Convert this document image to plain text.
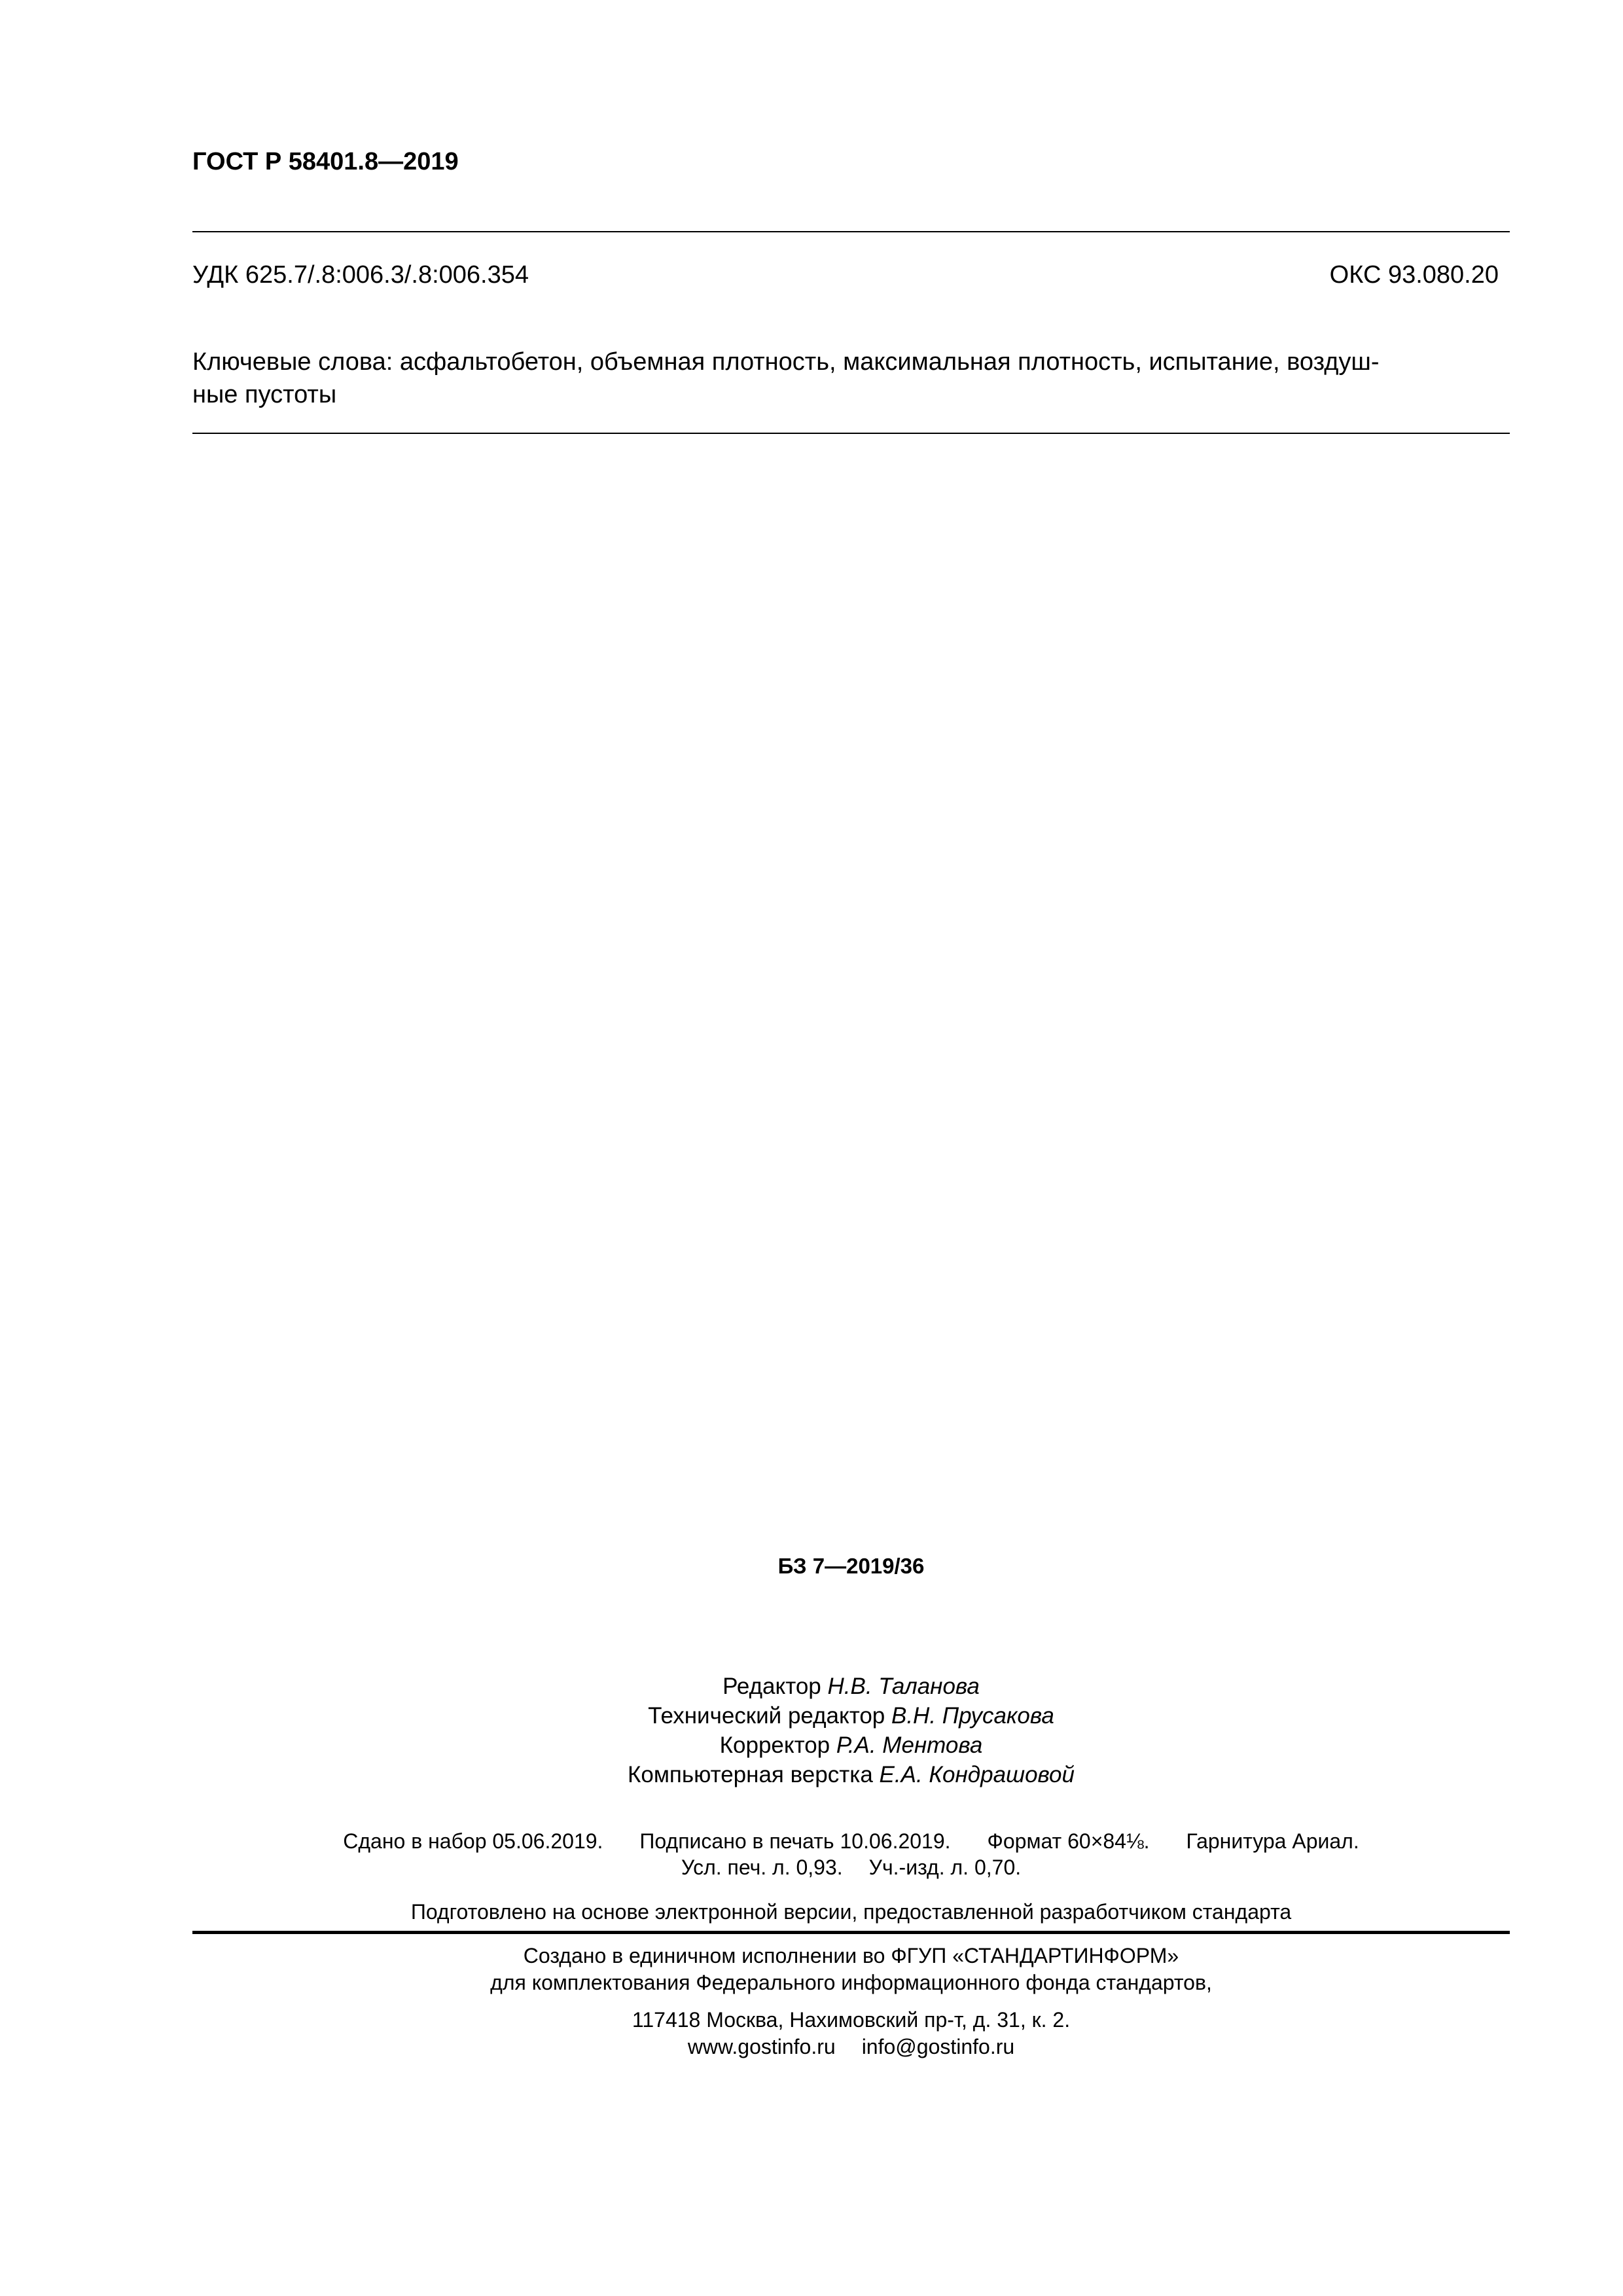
ГОСТ Р 58401.8—2019
УДК 625.7/.8:006.3/.8:006.354	ОКС 93.080.20
Ключевые слова: асфальтобетон, объемная плотность, максимальная плотность, испытание, воздуш-
ные пустоты
БЗ 7—2019/36
Редактор Н.В. Таланова
Технический редактор В.Н. Прусакова
Корректор Р.А. Ментова
Компьютерная верстка Е.А. Кондрашовой
Сдано в набор 05.06.2019. Подписано в печать 10.06.2019. Формат 60×84⅛. Гарнитура Ариал.
Усл. печ. л. 0,93. Уч.-изд. л. 0,70.
Подготовлено на основе электронной версии, предоставленной разработчиком стандарта
Создано в единичном исполнении во ФГУП «СТАНДАРТИНФОРМ»
для комплектования Федерального информационного фонда стандартов,
117418 Москва, Нахимовский пр-т, д. 31, к. 2.
www.gostinfo.ru info@gostinfo.ru
